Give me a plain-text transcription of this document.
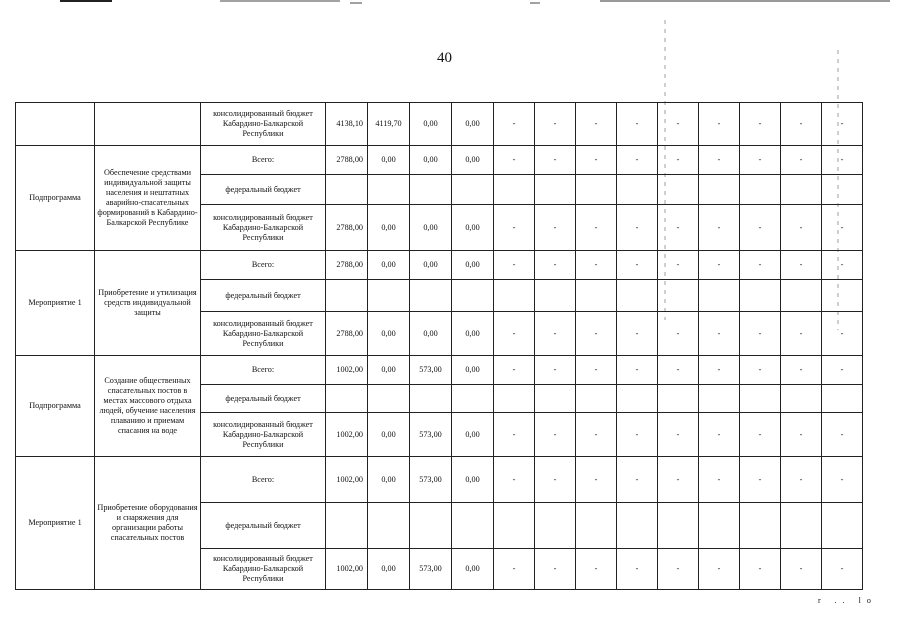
40
		консолидированный бюджет Кабардино-Балкарской Республики	4138,10	4119,70	0,00	0,00	-	-	-	-	-	-	-	-	-
Подпрограмма	Обеспечение средствами индивидуальной защиты населения и нештатных аварийно-спасательных формирований в Кабардино-Балкарской Республике	Всего:	2788,00	0,00	0,00	0,00	-	-	-	-	-	-	-	-	-
		федеральный бюджет													
		консолидированный бюджет Кабардино-Балкарской Республики	2788,00	0,00	0,00	0,00	-	-	-	-	-	-	-	-	-
Мероприятие 1	Приобретение и утилизация средств индивидуальной защиты	Всего:	2788,00	0,00	0,00	0,00	-	-	-	-	-	-	-	-	-
		федеральный бюджет													
		консолидированный бюджет Кабардино-Балкарской Республики	2788,00	0,00	0,00	0,00	-	-	-	-	-	-	-	-	-
Подпрограмма	Создание общественных спасательных постов в местах массового отдыха людей, обучение населения плаванию и приемам спасания на воде	Всего:	1002,00	0,00	573,00	0,00	-	-	-	-	-	-	-	-	-
		федеральный бюджет													
		консолидированный бюджет Кабардино-Балкарской Республики	1002,00	0,00	573,00	0,00	-	-	-	-	-	-	-	-	-
Мероприятие 1	Приобретение оборудования и снаряжения для организации работы спасательных постов	Всего:	1002,00	0,00	573,00	0,00	-	-	-	-	-	-	-	-	-
		федеральный бюджет													
		консолидированный бюджет Кабардино-Балкарской Республики	1002,00	0,00	573,00	0,00	-	-	-	-	-	-	-	-	-
r .. lo
